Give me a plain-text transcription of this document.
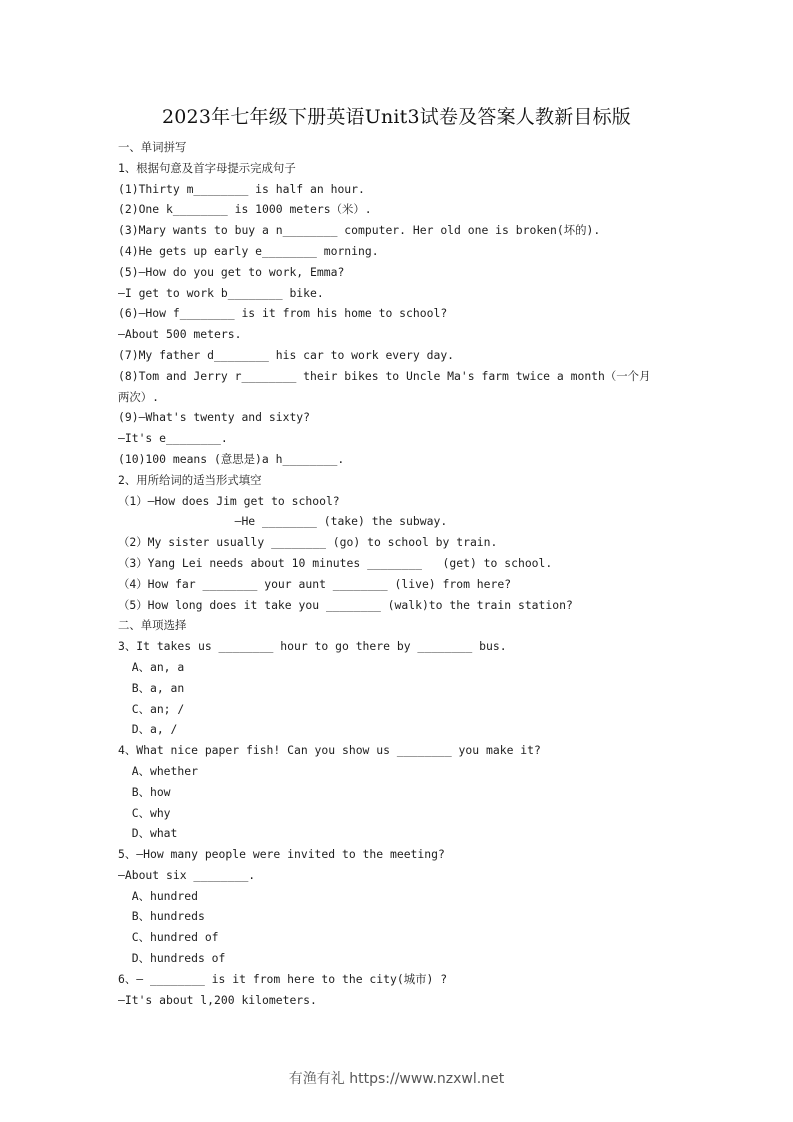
2023年七年级下册英语Unit3试卷及答案人教新目标版
一、单词拼写
1、根据句意及首字母提示完成句子
(1)Thirty m________ is half an hour.
(2)One k________ is 1000 meters（米）.
(3)Mary wants to buy a n________ computer. Her old one is broken(坏的).
(4)He gets up early e________ morning.
(5)—How do you get to work, Emma?
—I get to work b________ bike.
(6)—How f________ is it from his home to school?
—About 500 meters.
(7)My father d________ his car to work every day.
(8)Tom and Jerry r________ their bikes to Uncle Ma's farm twice a month（一个月
两次）.
(9)—What's twenty and sixty?
—It's e________.
(10)100 means (意思是)a h________.
2、用所给词的适当形式填空
（1）—How does Jim get to school?
—He ________ (take) the subway.
（2）My sister usually ________ (go) to school by train.
（3）Yang Lei needs about 10 minutes ________   (get) to school.
（4）How far ________ your aunt ________ (live) from here?
（5）How long does it take you ________ (walk)to the train station?
二、单项选择
3、It takes us ________ hour to go there by ________ bus.
A、an, a
B、a, an
C、an; /
D、a, /
4、What nice paper fish! Can you show us ________ you make it?
A、whether
B、how
C、why
D、what
5、—How many people were invited to the meeting?
—About six ________.
A、hundred
B、hundreds
C、hundred of
D、hundreds of
6、— ________ is it from here to the city(城市) ?
—It's about l,200 kilometers.
有渔有礼 https://www.nzxwl.net
